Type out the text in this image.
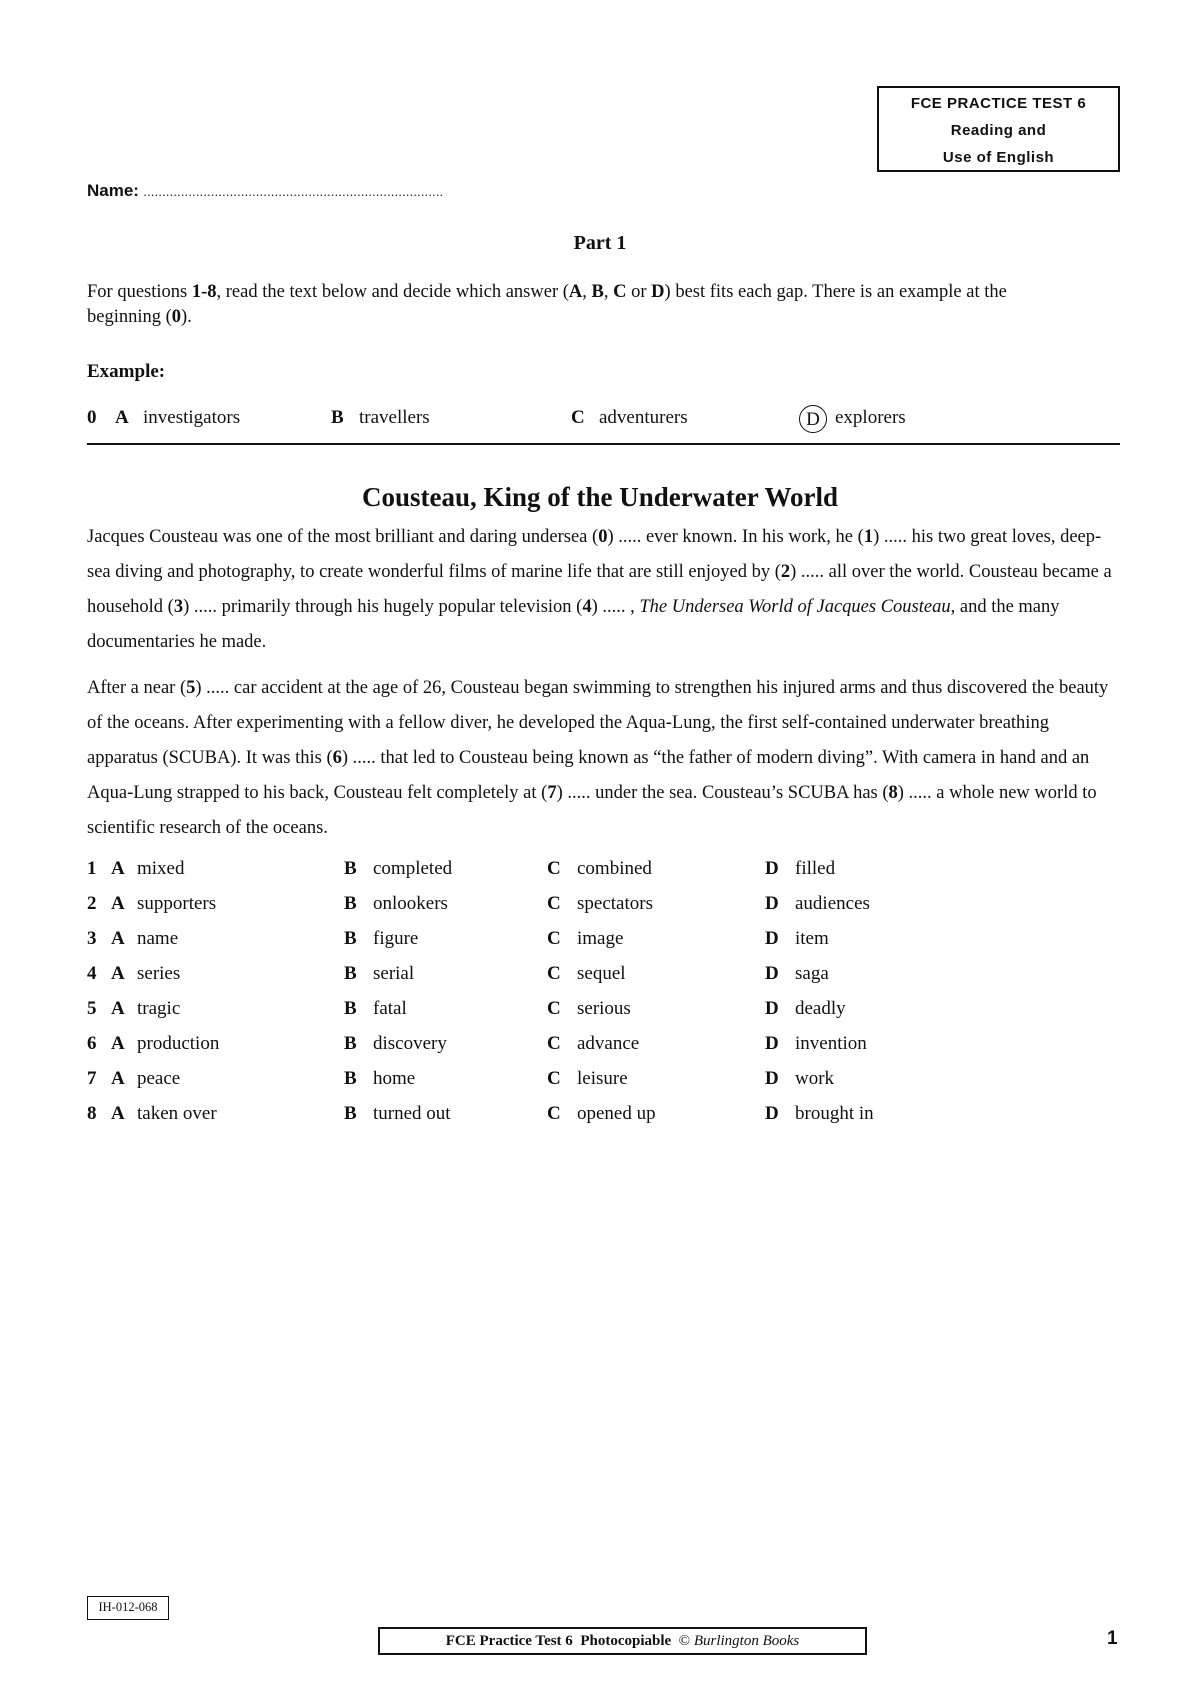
FCE PRACTICE TEST 6
Reading and
Use of English
Name: ................................................................................
Part 1
For questions 1-8, read the text below and decide which answer (A, B, C or D) best fits each gap. There is an example at the beginning (0).
Example:
0 A investigators	B travellers	C adventurers	D explorers
Cousteau, King of the Underwater World
Jacques Cousteau was one of the most brilliant and daring undersea (0) ..... ever known. In his work, he (1) ..... his two great loves, deep-sea diving and photography, to create wonderful films of marine life that are still enjoyed by (2) ..... all over the world. Cousteau became a household (3) ..... primarily through his hugely popular television (4) ..... , The Undersea World of Jacques Cousteau, and the many documentaries he made.
After a near (5) ..... car accident at the age of 26, Cousteau began swimming to strengthen his injured arms and thus discovered the beauty of the oceans. After experimenting with a fellow diver, he developed the Aqua-Lung, the first self-contained underwater breathing apparatus (SCUBA). It was this (6) ..... that led to Cousteau being known as “the father of modern diving”. With camera in hand and an Aqua-Lung strapped to his back, Cousteau felt completely at (7) ..... under the sea. Cousteau’s SCUBA has (8) ..... a whole new world to scientific research of the oceans.
1 A mixed	B completed	C combined	D filled
2 A supporters	B onlookers	C spectators	D audiences
3 A name	B figure	C image	D item
4 A series	B serial	C sequel	D saga
5 A tragic	B fatal	C serious	D deadly
6 A production	B discovery	C advance	D invention
7 A peace	B home	C leisure	D work
8 A taken over	B turned out	C opened up	D brought in
IH-012-068
FCE Practice Test 6 Photocopiable © Burlington Books	1
